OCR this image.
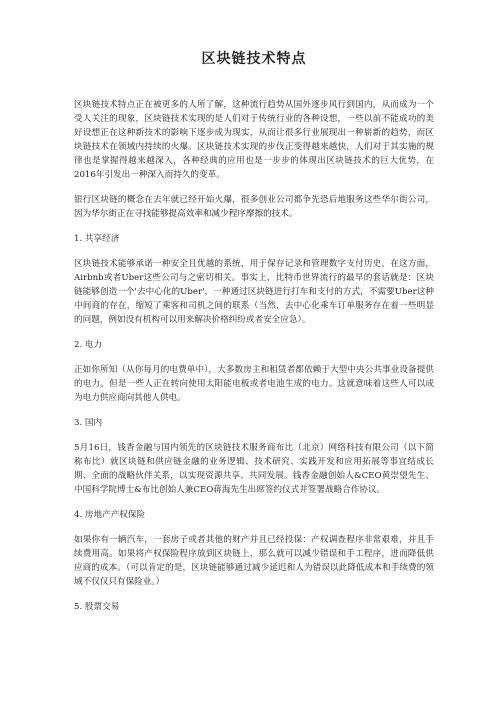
区块链技术特点

区块链技术特点正在被更多的人所了解，这种流行趋势从国外逐步风行到国内，从而成为一个受人关注的现象，区块链技术实现的是人们对于传统行业的各种设想，一些以前不能成功的美好设想正在这种新技术的影响下逐步成为现实，从而让很多行业展现出一种崭新的趋势，而区块链技术在领域内持续的火爆。区块链技术实现的步伐正变得越来越快，人们对于其实施的规律也是掌握得越来越深入，各种经典的应用也是一步步的体现出区块链技术的巨大优势，在2016年引发出一种深入而持久的变革。

银行区块链的概念在去年就已经开始火爆，很多创业公司都争先恐后地服务这些华尔街公司，因为华尔街正在寻找能够提高效率和减少程序摩擦的技术。

1. 共享经济

区块链技术能够承诺一种安全且优越的系统，用于保存记录和管理数字支付历史，在这方面，Airbnb或者Uber这些公司与之密切相关。事实上，比特币世界流行的最早的套话就是：区块链能够创造一个'去中心化的Uber'，一种通过区块链进行打车和支付的方式，不需要Uber这种中间商的存在，缩短了乘客和司机之间的联系（当然，去中心化乘车订单服务存在着一些明显的问题，例如没有机构可以用来解决价格纠纷或者安全应急）。

2. 电力

正如你所知（从你每月的电费单中），大多数房主和租赁者都依赖于大型中央公共事业设备提供的电力。但是一些人正在转向使用太阳能电板或者电池生成的电力。这就意味着这些人可以成为电力供应商向其他人供电。

3. 国内

5月16日，钱香金融与国内领先的区块链技术服务商布比（北京）网络科技有限公司（以下简称布比）就区块链和供应链金融的业务逻辑、技术研究、实践开发和应用拓展等事宜结成长期、全面的战略伙伴关系，以实现资源共享、共同发展。钱香金融创始人&CEO黄崇望先生、中国科学院博士&布比创始人兼CEO蒋海先生出席签约仪式并签署战略合作协议。

4. 房地产产权保险

如果你有一辆汽车，一套房子或者其他的财产并且已经投保：产权调查程序非常艰难，并且手续费用高。如果将产权保险程序放到区块链上，那么就可以减少错误和手工程序，进而降低供应商的成本。（可以肯定的是，区块链能够通过减少延迟和人为错误以此降低成本和手续费的领域不仅仅只有保险业。）

5. 股票交易
